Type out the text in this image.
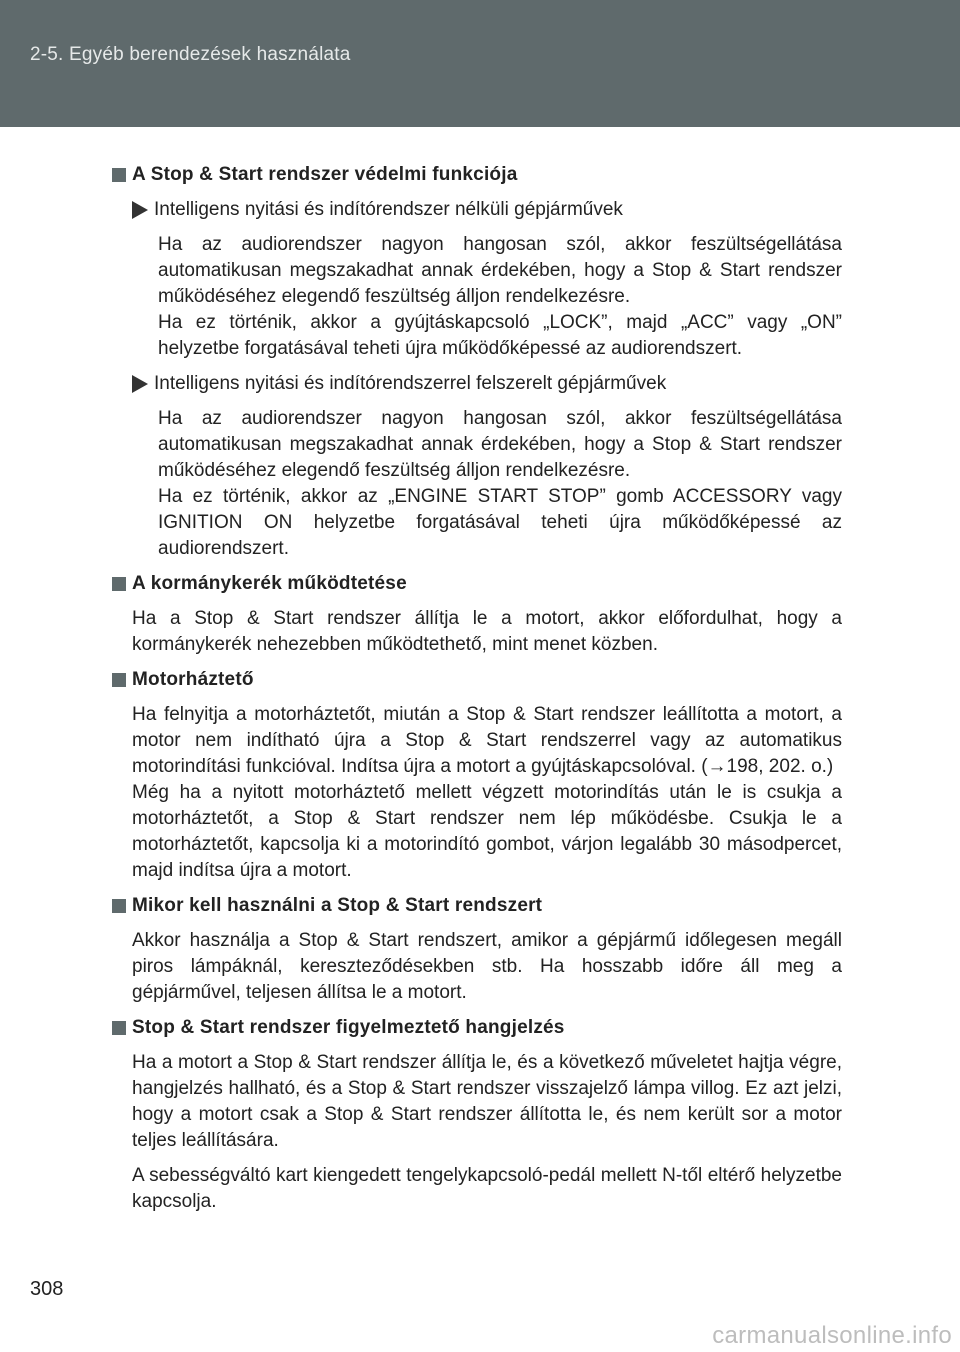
2-5. Egyéb berendezések használata
A Stop & Start rendszer védelmi funkciója
Intelligens nyitási és indítórendszer nélküli gépjárművek
Ha az audiorendszer nagyon hangosan szól, akkor feszültségellátása automatikusan megszakadhat annak érdekében, hogy a Stop & Start rendszer működéséhez elegendő feszültség álljon rendelkezésre.
Ha ez történik, akkor a gyújtáskapcsoló „LOCK”, majd „ACC” vagy „ON” helyzetbe forgatásával teheti újra működőképessé az audiorendszert.
Intelligens nyitási és indítórendszerrel felszerelt gépjárművek
Ha az audiorendszer nagyon hangosan szól, akkor feszültségellátása automatikusan megszakadhat annak érdekében, hogy a Stop & Start rendszer működéséhez elegendő feszültség álljon rendelkezésre.
Ha ez történik, akkor az „ENGINE START STOP” gomb ACCESSORY vagy IGNITION ON helyzetbe forgatásával teheti újra működőképessé az audiorendszert.
A kormánykerék működtetése
Ha a Stop & Start rendszer állítja le a motort, akkor előfordulhat, hogy a kormánykerék nehezebben működtethető, mint menet közben.
Motorháztető
Ha felnyitja a motorháztetőt, miután a Stop & Start rendszer leállította a motort, a motor nem indítható újra a Stop & Start rendszerrel vagy az automatikus motorindítási funkcióval. Indítsa újra a motort a gyújtáskapcsolóval. (→198, 202. o.)
Még ha a nyitott motorháztető mellett végzett motorindítás után le is csukja a motorháztetőt, a Stop & Start rendszer nem lép működésbe. Csukja le a motorháztetőt, kapcsolja ki a motorindító gombot, várjon legalább 30 másodpercet, majd indítsa újra a motort.
Mikor kell használni a Stop & Start rendszert
Akkor használja a Stop & Start rendszert, amikor a gépjármű időlegesen megáll piros lámpáknál, kereszteződésekben stb. Ha hosszabb időre áll meg a gépjárművel, teljesen állítsa le a motort.
Stop & Start rendszer figyelmeztető hangjelzés
Ha a motort a Stop & Start rendszer állítja le, és a következő műveletet hajtja végre, hangjelzés hallható, és a Stop & Start rendszer visszajelző lámpa villog. Ez azt jelzi, hogy a motort csak a Stop & Start rendszer állította le, és nem került sor a motor teljes leállítására.
A sebességváltó kart kiengedett tengelykapcsoló-pedál mellett N-től eltérő helyzetbe kapcsolja.
308
carmanualsonline.info
